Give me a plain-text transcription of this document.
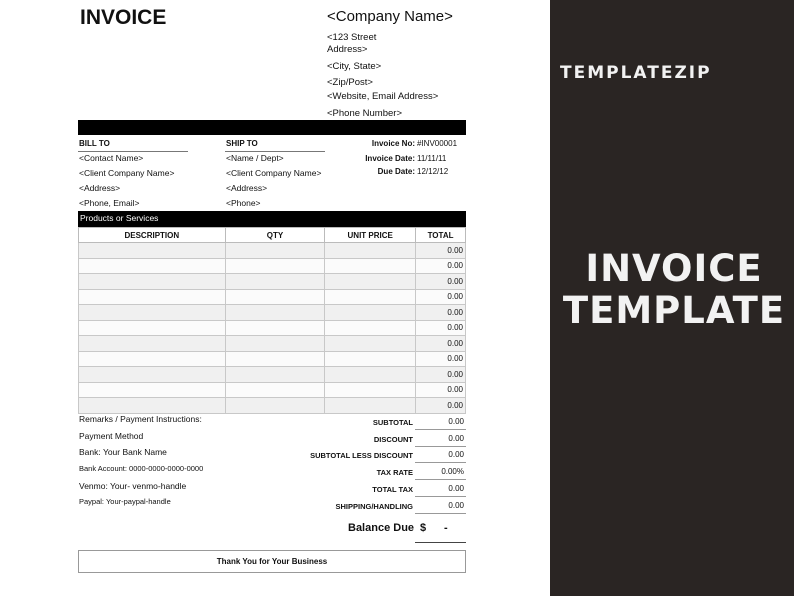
INVOICE	<Company Name>
<123 Street
Address>
<City, State>
<Zip/Post>
<Website, Email Address>
<Phone Number>
BILL TO
<Contact Name>
<Client Company Name>
<Address>
<Phone, Email>
SHIP TO
<Name / Dept>
<Client Company Name>
<Address>
<Phone>
Invoice No: #INV00001
Invoice Date: 11/11/11
Due Date: 12/12/12
Products or Services
DESCRIPTION	QTY	UNIT PRICE	TOTAL
			0.00
			0.00
			0.00
			0.00
			0.00
			0.00
			0.00
			0.00
			0.00
			0.00
			0.00
Remarks / Payment Instructions:
Payment Method
Bank: Your Bank Name
Bank Account: 0000-0000-0000-0000
Venmo: Your- venmo-handle
Paypal: Your-paypal-handle
SUBTOTAL	0.00
DISCOUNT	0.00
SUBTOTAL LESS DISCOUNT	0.00
TAX RATE	0.00%
TOTAL TAX	0.00
SHIPPING/HANDLING	0.00
Balance Due $ -
Thank You for Your Business
TEMPLATEZIP
INVOICE
TEMPLATE
